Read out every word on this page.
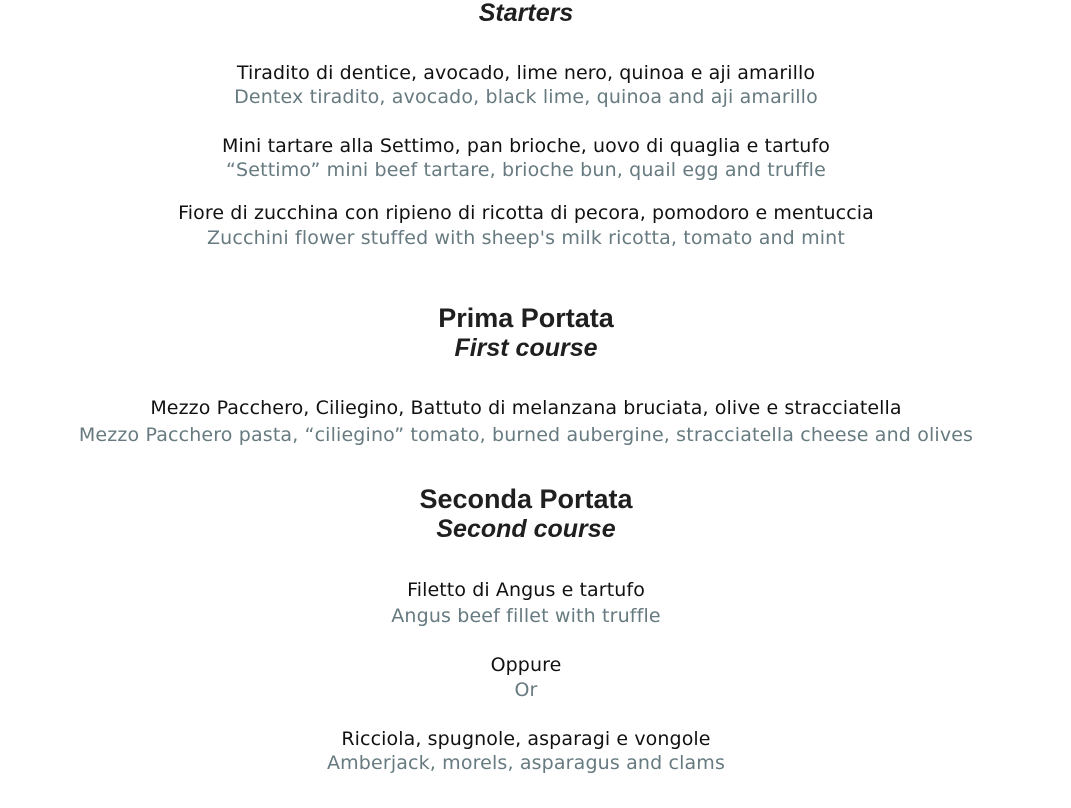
Starters
Tiradito di dentice, avocado, lime nero, quinoa e aji amarillo
Dentex tiradito, avocado, black lime, quinoa and aji amarillo
Mini tartare alla Settimo, pan brioche, uovo di quaglia e tartufo
“Settimo” mini beef tartare, brioche bun, quail egg and truffle
Fiore di zucchina con ripieno di ricotta di pecora, pomodoro e mentuccia
Zucchini flower stuffed with sheep's milk ricotta, tomato and mint
Prima Portata
First course
Mezzo Pacchero, Ciliegino, Battuto di melanzana bruciata, olive e stracciatella
Mezzo Pacchero pasta, “ciliegino” tomato, burned aubergine, stracciatella cheese and olives
Seconda Portata
Second course
Filetto di Angus e tartufo
Angus beef fillet with truffle
Oppure
Or
Ricciola, spugnole, asparagi e vongole
Amberjack, morels, asparagus and clams
